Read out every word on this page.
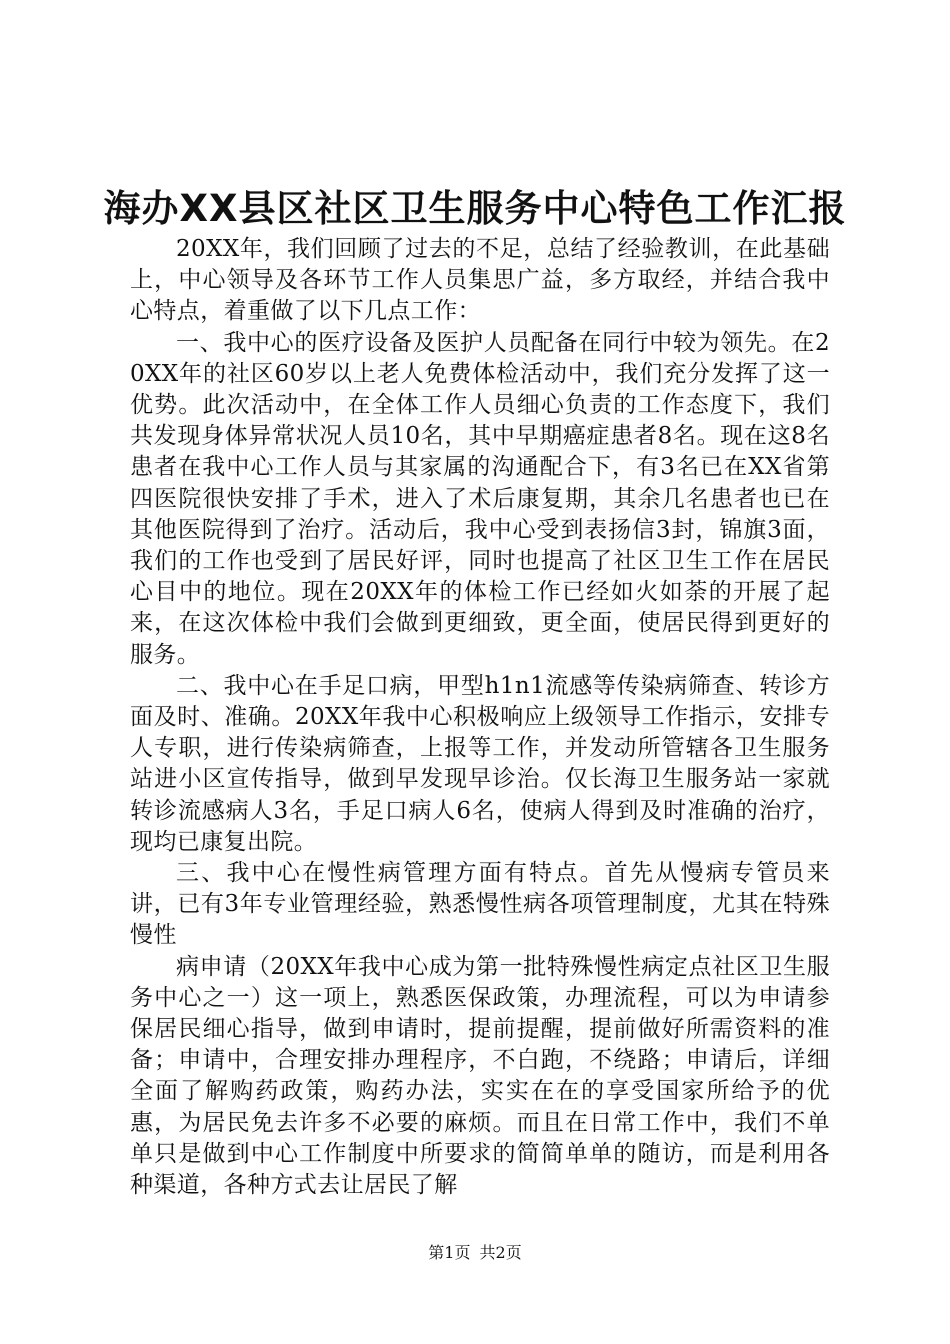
海办XX县区社区卫生服务中心特色工作汇报

20XX年，我们回顾了过去的不足，总结了经验教训，在此基础上，中心领导及各环节工作人员集思广益，多方取经，并结合我中心特点，着重做了以下几点工作：

一、我中心的医疗设备及医护人员配备在同行中较为领先。在20XX年的社区60岁以上老人免费体检活动中，我们充分发挥了这一优势。此次活动中，在全体工作人员细心负责的工作态度下，我们共发现身体异常状况人员10名，其中早期癌症患者8名。现在这8名患者在我中心工作人员与其家属的沟通配合下，有3名已在XX省第四医院很快安排了手术，进入了术后康复期，其余几名患者也已在其他医院得到了治疗。活动后，我中心受到表扬信3封，锦旗3面，我们的工作也受到了居民好评，同时也提高了社区卫生工作在居民心目中的地位。现在20XX年的体检工作已经如火如荼的开展了起来，在这次体检中我们会做到更细致，更全面，使居民得到更好的服务。

二、我中心在手足口病，甲型h1n1流感等传染病筛查、转诊方面及时、准确。20XX年我中心积极响应上级领导工作指示，安排专人专职，进行传染病筛查，上报等工作，并发动所管辖各卫生服务站进小区宣传指导，做到早发现早诊治。仅长海卫生服务站一家就转诊流感病人3名，手足口病人6名，使病人得到及时准确的治疗，现均已康复出院。

三、我中心在慢性病管理方面有特点。首先从慢病专管员来讲，已有3年专业管理经验，熟悉慢性病各项管理制度，尤其在特殊慢性

病申请（20XX年我中心成为第一批特殊慢性病定点社区卫生服务中心之一）这一项上，熟悉医保政策，办理流程，可以为申请参保居民细心指导，做到申请时，提前提醒，提前做好所需资料的准备；申请中，合理安排办理程序，不白跑，不绕路；申请后，详细全面了解购药政策，购药办法，实实在在的享受国家所给予的优惠，为居民免去许多不必要的麻烦。而且在日常工作中，我们不单单只是做到中心工作制度中所要求的简简单单的随访，而是利用各种渠道，各种方式去让居民了解

第1页 共2页
